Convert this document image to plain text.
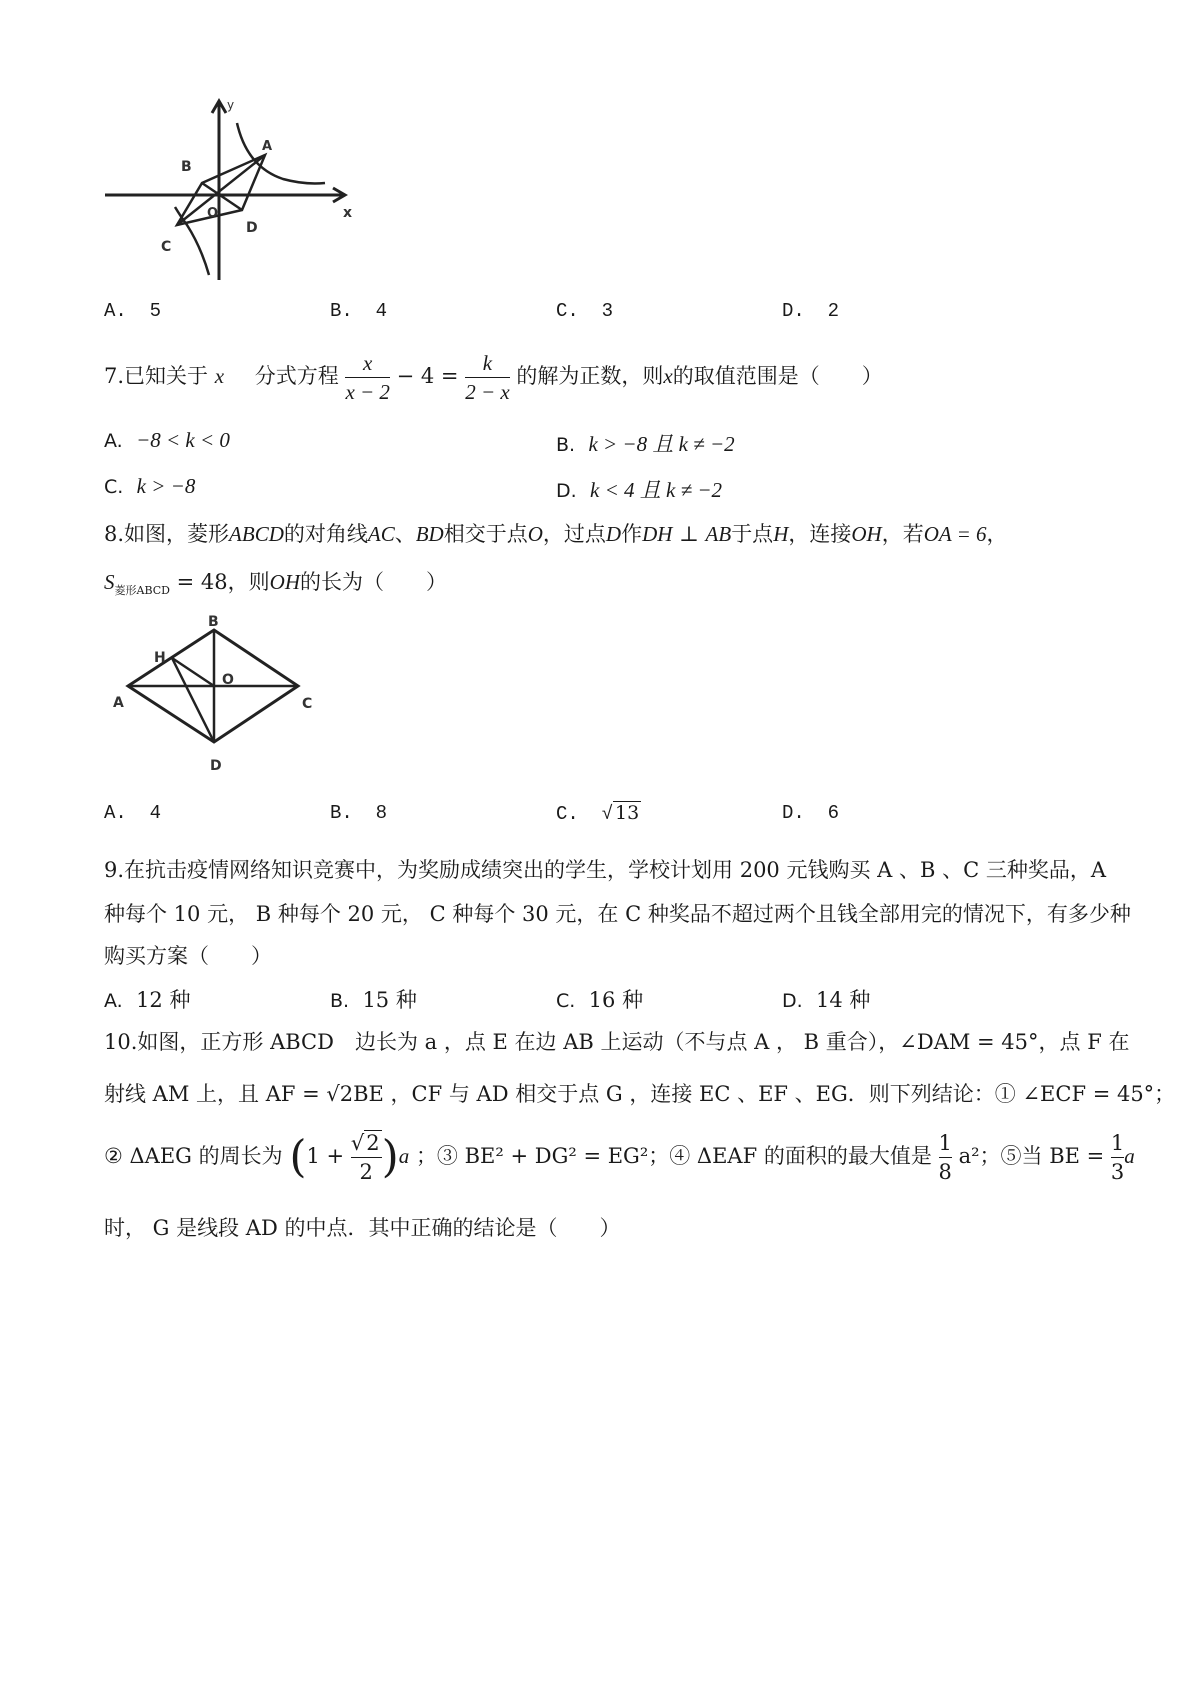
y
x
A
B
C
D
O
A. 5	B. 4	C. 3	D. 2
7.已知关于 x 分式方程 $\frac{x}{x - 2} - 4 = \frac{k}{2 - x}$ 的解为正数，则x的取值范围是（　　）
A. −8 < k < 0	B. k > −8 且 k ≠ −2
C. k > −8	D. k < 4 且 k ≠ −2
8.如图，菱形ABCD的对角线AC、BD相交于点O，过点D作DH ⊥ AB于点H，连接OH，若OA = 6，
$S_{菱形ABCD} = 48$，则OH的长为（　　）
A
B
C
D
H
O
A. 4	B. 8	C.  √ 13	D. 6
9.在抗击疫情网络知识竞赛中，为奖励成绩突出的学生，学校计划用 200 元钱购买 A 、B 、C 三种奖品，A
种每个 10 元， B 种每个 20 元， C 种每个 30 元，在 C 种奖品不超过两个且钱全部用完的情况下，有多少种
购买方案（　　）
A. 12 种	B. 15 种	C. 16 种	D. 14 种
10.如图，正方形 ABCD　边长为 a ，点 E 在边 AB 上运动（不与点 A ， B 重合），∠DAM = 45°，点 F 在
射线 AM 上，且 AF = √2BE ，CF 与 AD 相交于点 G ，连接 EC 、EF 、EG．则下列结论：① ∠ECF = 45°；
② ΔAEG 的周长为 $(1 + \frac{√2}{2} )a$ ；③ BE² + DG² = EG²；④ ΔEAF 的面积的最大值是 $\frac{1}{8} a^2$；⑤当 BE = $\frac{1}{3}$ a
时， G 是线段 AD 的中点．其中正确的结论是（　　）
